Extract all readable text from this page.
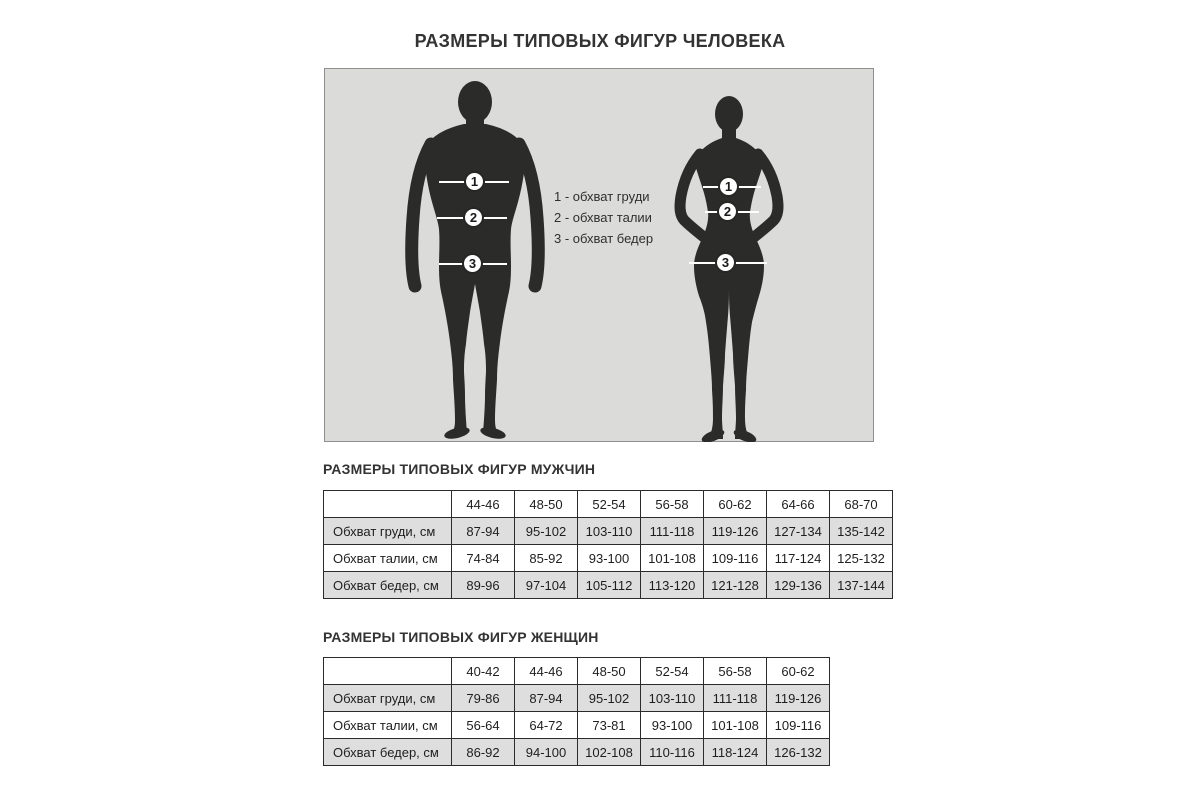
РАЗМЕРЫ ТИПОВЫХ ФИГУР ЧЕЛОВЕКА
1
2
3
1
2
3
1 - обхват груди
2 - обхват талии
3 - обхват бедер
РАЗМЕРЫ ТИПОВЫХ ФИГУР МУЖЧИН
	44-46	48-50	52-54	56-58	60-62	64-66	68-70
Обхват груди, см	87-94	95-102	103-110	111-118	119-126	127-134	135-142
Обхват талии, см	74-84	85-92	93-100	101-108	109-116	117-124	125-132
Обхват бедер, см	89-96	97-104	105-112	113-120	121-128	129-136	137-144
РАЗМЕРЫ ТИПОВЫХ ФИГУР ЖЕНЩИН
	40-42	44-46	48-50	52-54	56-58	60-62
Обхват груди, см	79-86	87-94	95-102	103-110	111-118	119-126
Обхват талии, см	56-64	64-72	73-81	93-100	101-108	109-116
Обхват бедер, см	86-92	94-100	102-108	110-116	118-124	126-132
